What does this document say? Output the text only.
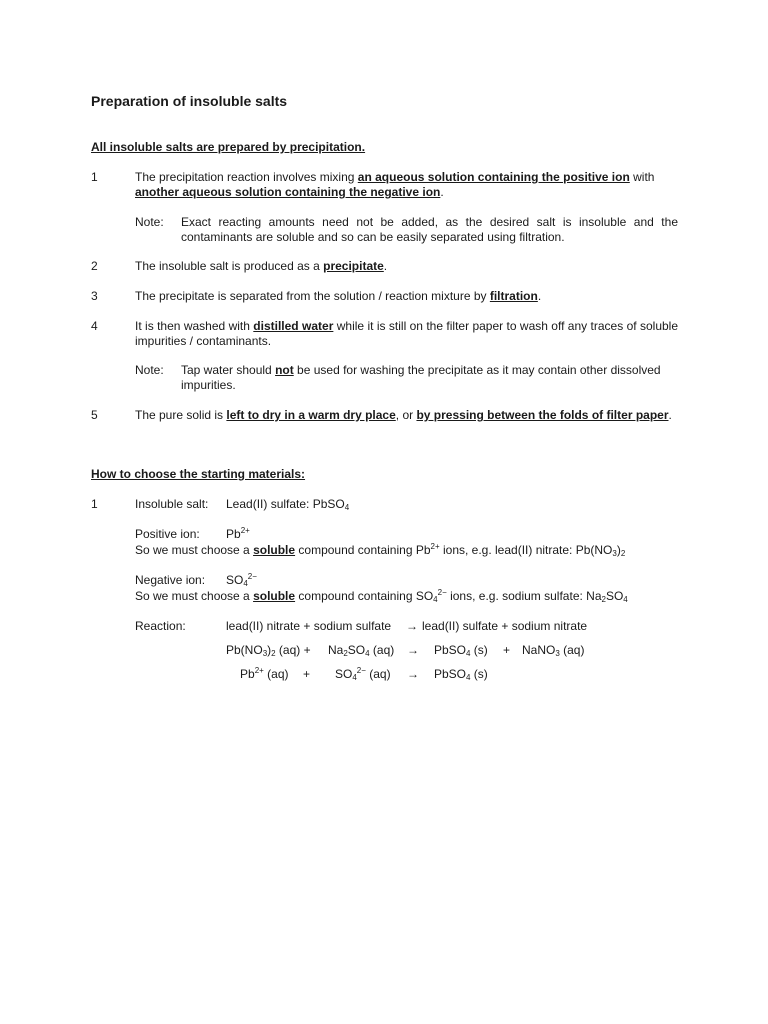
Preparation of insoluble salts
All insoluble salts are prepared by precipitation.
1	The precipitation reaction involves mixing an aqueous solution containing the positive ion with
another aqueous solution containing the negative ion.
Note: Exact reacting amounts need not be added, as the desired salt is insoluble and the contaminants are soluble and so can be easily separated using filtration.
2	The insoluble salt is produced as a precipitate.
3	The precipitate is separated from the solution / reaction mixture by filtration.
4	It is then washed with distilled water while it is still on the filter paper to wash off any traces of soluble impurities / contaminants.
Note: Tap water should not be used for washing the precipitate as it may contain other dissolved impurities.
5	The pure solid is left to dry in a warm dry place, or by pressing between the folds of filter paper.
How to choose the starting materials:
1	Insoluble salt: Lead(II) sulfate: PbSO$_4$
Positive ion: $Pb^{2+}$
So we must choose a soluble compound containing $Pb^{2+}$ ions, e.g. lead(II) nitrate: $Pb(NO_3)_2$
Negative ion: $SO_4^{2-}$
So we must choose a soluble compound containing $SO_4^{2-}$ ions, e.g. sodium sulfate: $Na_2SO_4$
Reaction:	lead(II) nitrate + sodium sulfate → lead(II) sulfate + sodium nitrate
$Pb(NO_3)_2$ $(aq) + Na_2SO_4$ (aq) → PbSO$_4$ (s) + NaNO$_3$ (aq)
$Pb^{2+}$ $(aq) + SO_4^{2-}$ (aq) → PbSO$_4$ (s)
